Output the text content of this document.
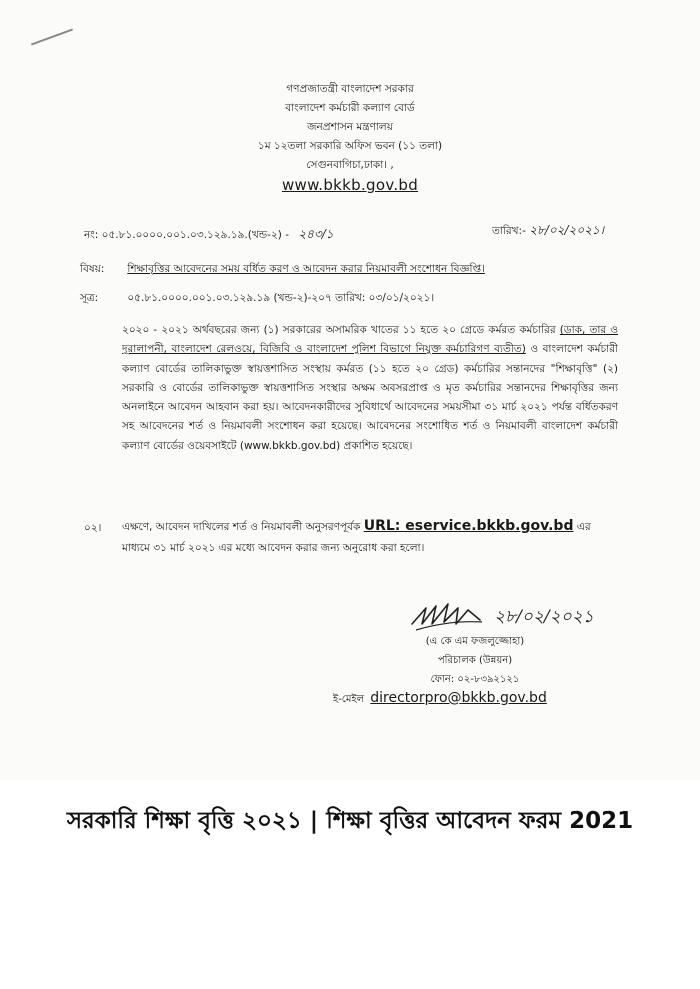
গণপ্রজাতন্ত্রী বাংলাদেশ সরকার
বাংলাদেশ কর্মচারী কল্যাণ বোর্ড
জনপ্রশাসন মন্ত্রণালয়
১ম ১২তলা সরকারি অফিস ভবন (১১ তলা)
সেগুনবাগিচা,ঢাকা। ,
www.bkkb.gov.bd
নং: ০৫.৮১.০০০০.০০১.০৩.১২৯.১৯.(খন্ড-২) - ২৪৩/১	তারিখ:- ২৮/০২/২০২১।
বিষয়: শিক্ষাবৃত্তির আবেদনের সময় বর্ধিত করণ ও আবেদন করার নিয়মাবলী সংশোধন বিজ্ঞপ্তি।
সূত্র:	০৫.৮১.০০০০.০০১.০৩.১২৯.১৯ (খন্ড-২)-২০৭ তারিখ: ০৩/০১/২০২১।
২০২০ - ২০২১ অর্থবছরের জন্য (১) সরকারের অসামরিক খাতের ১১ হতে ২০ গ্রেডে কর্মরত কর্মচারির (ডাক, তার ও দূরালাপনী, বাংলাদেশ রেলওয়ে, বিজিবি ও বাংলাদেশ পুলিশ বিভাগে নিযুক্ত কর্মচারিগণ ব্যতীত) ও বাংলাদেশ কর্মচারী কল্যাণ বোর্ডের তালিকাভুক্ত স্বায়ত্তশাসিত সংস্থায় কর্মরত (১১ হতে ২০ গ্রেড) কর্মচারির সন্তানদের "শিক্ষাবৃত্তি" (২) সরকারি ও বোর্ডের তালিকাভুক্ত স্বায়ত্তশাসিত সংস্থার অক্ষম অবসরপ্রাপ্ত ও মৃত কর্মচারির সন্তানদের শিক্ষাবৃত্তির জন্য অনলাইনে আবেদন আহবান করা হয়। আবেদনকারীদের সুবিধার্থে আবেদনের সময়সীমা ৩১ মার্চ ২০২১ পর্যন্ত বর্ধিতকরণ সহ আবেদনের শর্ত ও নিয়মাবলী সংশোধন করা হয়েছে। আবেদনের সংশোধিত শর্ত ও নিয়মাবলী বাংলাদেশ কর্মচারী কল্যাণ বোর্ডের ওয়েবসাইটে (www.bkkb.gov.bd) প্রকাশিত হয়েছে।
০২। এক্ষণে, আবেদন দাখিলের শর্ত ও নিয়মাবলী অনুসরণপূর্বক URL: eservice.bkkb.gov.bd এর মাধ্যমে ৩১ মার্চ ২০২১ এর মধ্যে আবেদন করার জন্য অনুরোধ করা হলো।
২৮/০২/২০২১
(এ কে এম ফজলুজ্জোহা)
পরিচালক (উন্নয়ন)
ফোন: ০২-৮৩৯২১২১
ই-মেইল directorpro@bkkb.gov.bd
সরকারি শিক্ষা বৃত্তি ২০২১ | শিক্ষা বৃত্তির আবেদন ফরম 2021
